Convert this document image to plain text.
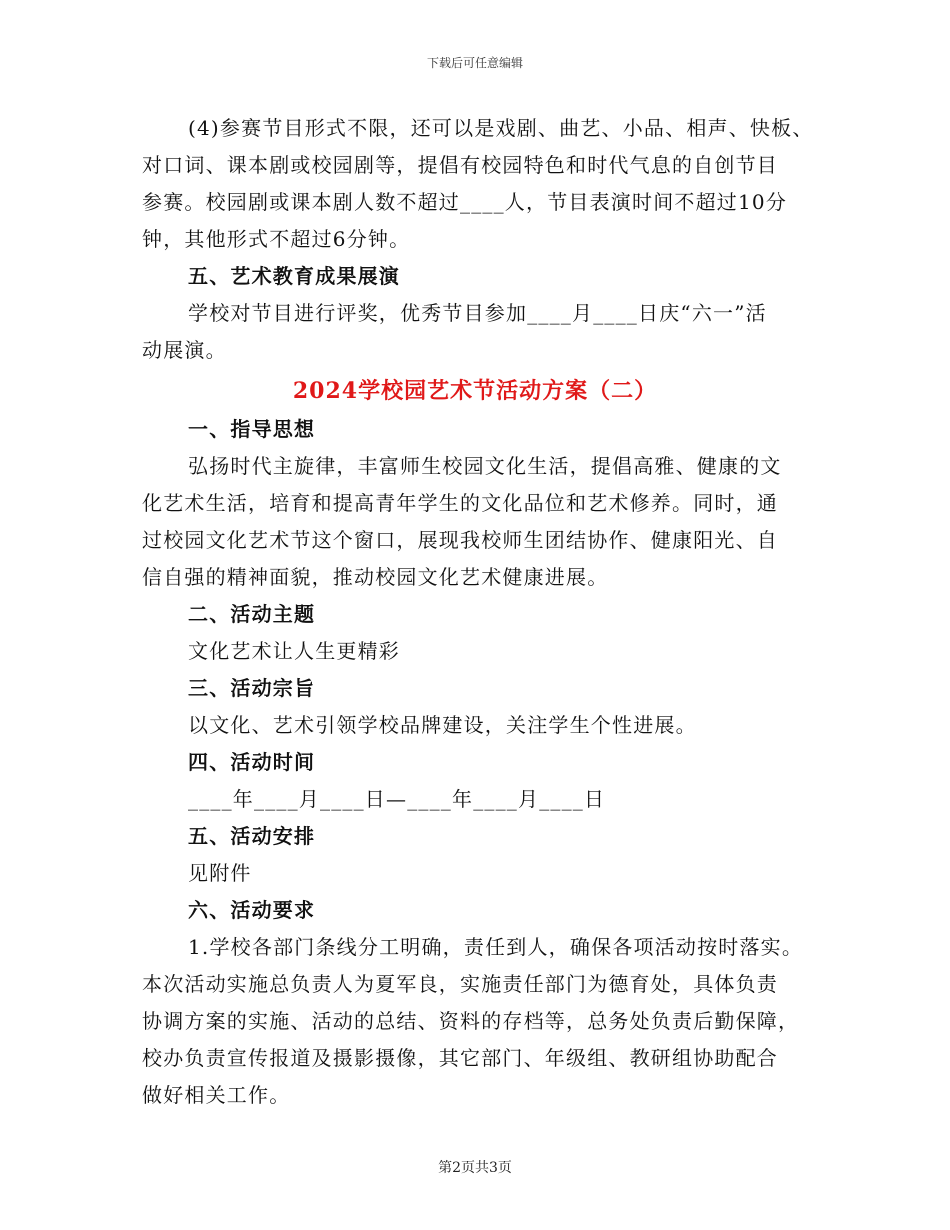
下载后可任意编辑
(4)参赛节目形式不限，还可以是戏剧、曲艺、小品、相声、快板、
对口词、课本剧或校园剧等，提倡有校园特色和时代气息的自创节目
参赛。校园剧或课本剧人数不超过____人，节目表演时间不超过10分
钟，其他形式不超过6分钟。
五、艺术教育成果展演
学校对节目进行评奖，优秀节目参加____月____日庆“六一”活
动展演。
2024学校园艺术节活动方案（二）
一、指导思想
弘扬时代主旋律，丰富师生校园文化生活，提倡高雅、健康的文
化艺术生活，培育和提高青年学生的文化品位和艺术修养。同时，通
过校园文化艺术节这个窗口，展现我校师生团结协作、健康阳光、自
信自强的精神面貌，推动校园文化艺术健康进展。
二、活动主题
文化艺术让人生更精彩
三、活动宗旨
以文化、艺术引领学校品牌建设，关注学生个性进展。
四、活动时间
____年____月____日—____年____月____日
五、活动安排
见附件
六、活动要求
1.学校各部门条线分工明确，责任到人，确保各项活动按时落实。
本次活动实施总负责人为夏军良，实施责任部门为德育处，具体负责
协调方案的实施、活动的总结、资料的存档等，总务处负责后勤保障，
校办负责宣传报道及摄影摄像，其它部门、年级组、教研组协助配合
做好相关工作。
第2页共3页
